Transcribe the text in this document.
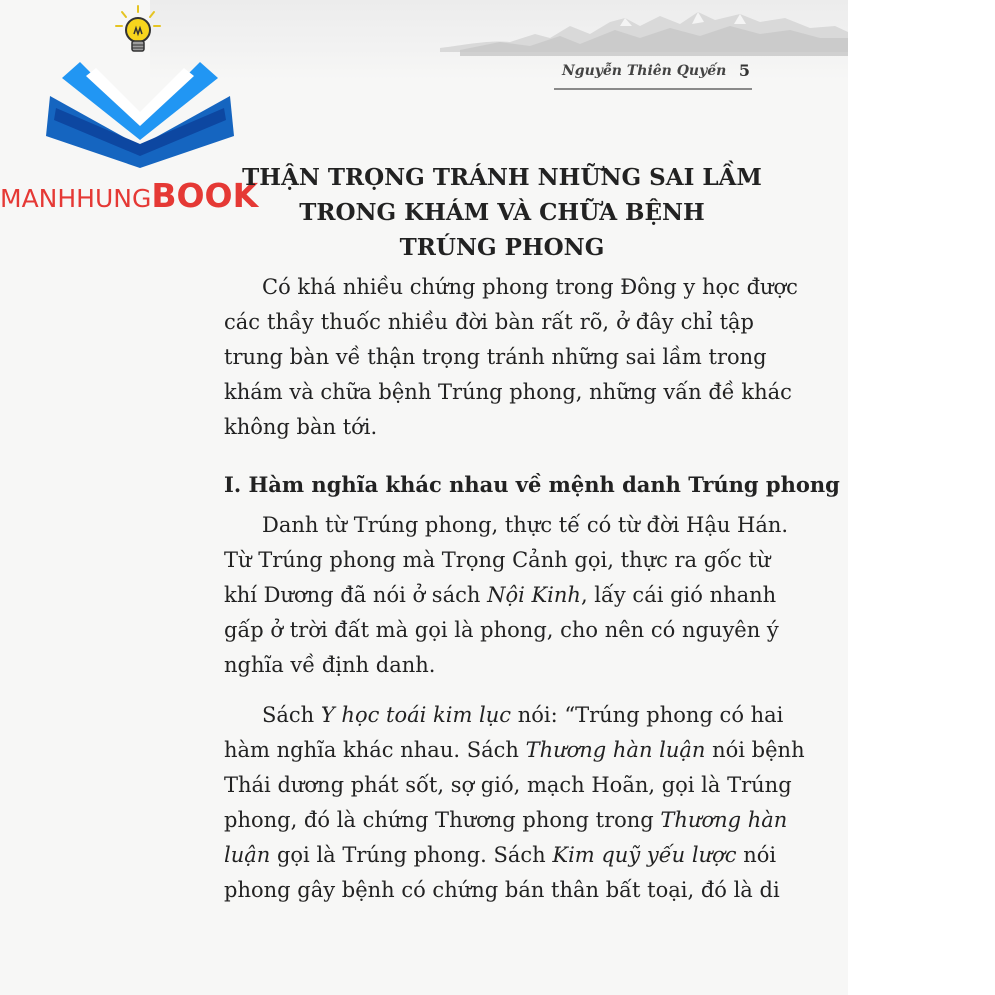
Nguyễn Thiên Quyến 5
MANHHUNGBOOK
THẬN TRỌNG TRÁNH NHỮNG SAI LẦM
TRONG KHÁM VÀ CHỮA BỆNH
TRÚNG PHONG
Có khá nhiều chứng phong trong Đông y học được
các thầy thuốc nhiều đời bàn rất rõ, ở đây chỉ tập
trung bàn về thận trọng tránh những sai lầm trong
khám và chữa bệnh Trúng phong, những vấn đề khác
không bàn tới.
I. Hàm nghĩa khác nhau về mệnh danh Trúng phong
Danh từ Trúng phong, thực tế có từ đời Hậu Hán.
Từ Trúng phong mà Trọng Cảnh gọi, thực ra gốc từ
khí Dương đã nói ở sách Nội Kinh, lấy cái gió nhanh
gấp ở trời đất mà gọi là phong, cho nên có nguyên ý
nghĩa về định danh.
Sách Y học toái kim lục nói: “Trúng phong có hai
hàm nghĩa khác nhau. Sách Thương hàn luận nói bệnh
Thái dương phát sốt, sợ gió, mạch Hoãn, gọi là Trúng
phong, đó là chứng Thương phong trong Thương hàn
luận gọi là Trúng phong. Sách Kim quỹ yếu lược nói
phong gây bệnh có chứng bán thân bất toại, đó là di
